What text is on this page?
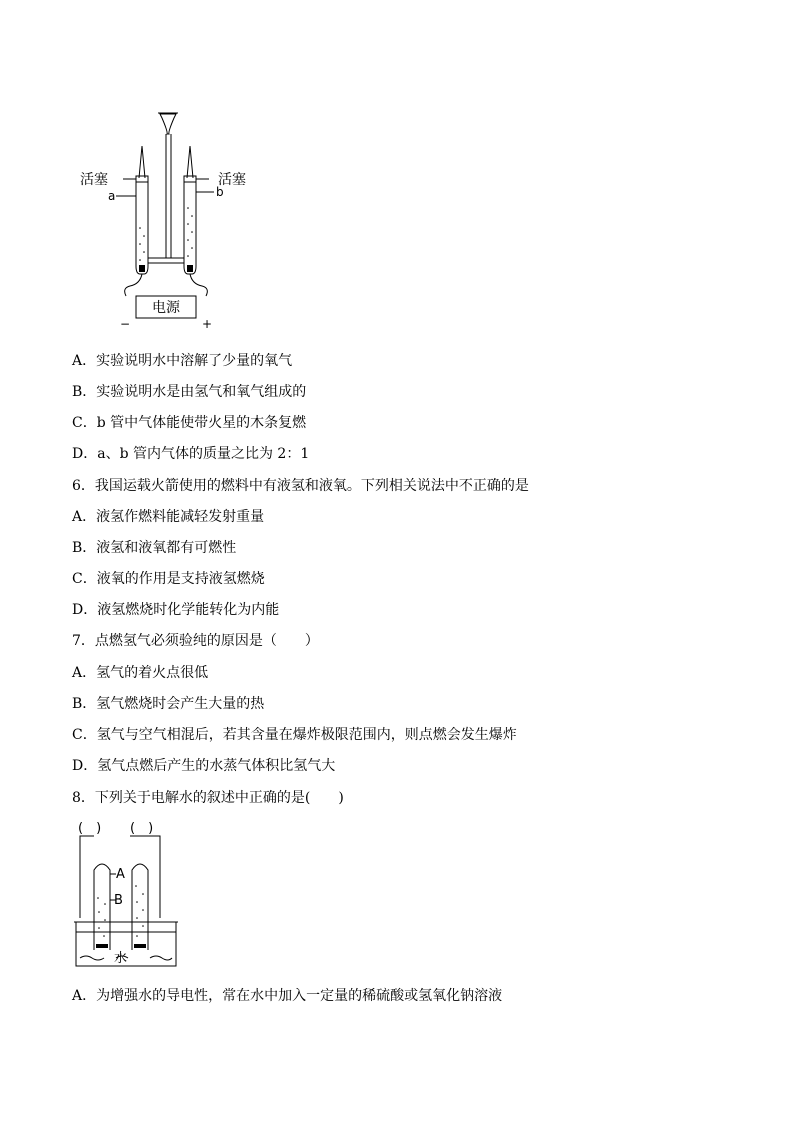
活塞	活塞
a	b
电源
−	+
A．实验说明水中溶解了少量的氧气
B．实验说明水是由氢气和氧气组成的
C．b 管中气体能使带火星的木条复燃
D．a、b 管内气体的质量之比为 2：1
6．我国运载火箭使用的燃料中有液氢和液氧。下列相关说法中不正确的是
A．液氢作燃料能减轻发射重量
B．液氢和液氧都有可燃性
C．液氧的作用是支持液氢燃烧
D．液氢燃烧时化学能转化为内能
7．点燃氢气必须验纯的原因是（　　）
A．氢气的着火点很低
B．氢气燃烧时会产生大量的热
C．氢气与空气相混后，若其含量在爆炸极限范围内，则点燃会发生爆炸
D．氢气点燃后产生的水蒸气体积比氢气大
8．下列关于电解水的叙述中正确的是(　　)
(　) (　)
A
B
水
A．为增强水的导电性，常在水中加入一定量的稀硫酸或氢氧化钠溶液
